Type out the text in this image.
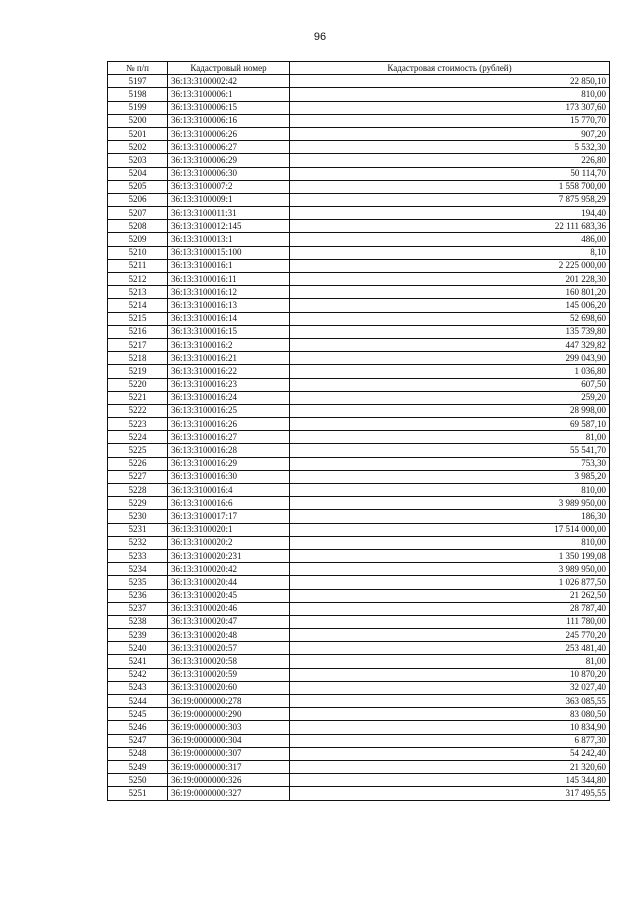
96
№ п/п	Кадастровый номер	Кадастровая стоимость (рублей)
5197	36:13:3100002:42	22 850,10
5198	36:13:3100006:1	810,00
5199	36:13:3100006:15	173 307,60
5200	36:13:3100006:16	15 770,70
5201	36:13:3100006:26	907,20
5202	36:13:3100006:27	5 532,30
5203	36:13:3100006:29	226,80
5204	36:13:3100006:30	50 114,70
5205	36:13:3100007:2	1 558 700,00
5206	36:13:3100009:1	7 875 958,29
5207	36:13:3100011:31	194,40
5208	36:13:3100012:145	22 111 683,36
5209	36:13:3100013:1	486,00
5210	36:13:3100015:100	8,10
5211	36:13:3100016:1	2 225 000,00
5212	36:13:3100016:11	201 228,30
5213	36:13:3100016:12	160 801,20
5214	36:13:3100016:13	145 006,20
5215	36:13:3100016:14	52 698,60
5216	36:13:3100016:15	135 739,80
5217	36:13:3100016:2	447 329,82
5218	36:13:3100016:21	299 043,90
5219	36:13:3100016:22	1 036,80
5220	36:13:3100016:23	607,50
5221	36:13:3100016:24	259,20
5222	36:13:3100016:25	28 998,00
5223	36:13:3100016:26	69 587,10
5224	36:13:3100016:27	81,00
5225	36:13:3100016:28	55 541,70
5226	36:13:3100016:29	753,30
5227	36:13:3100016:30	3 985,20
5228	36:13:3100016:4	810,00
5229	36:13:3100016:6	3 989 950,00
5230	36:13:3100017:17	186,30
5231	36:13:3100020:1	17 514 000,00
5232	36:13:3100020:2	810,00
5233	36:13:3100020:231	1 350 199,08
5234	36:13:3100020:42	3 989 950,00
5235	36:13:3100020:44	1 026 877,50
5236	36:13:3100020:45	21 262,50
5237	36:13:3100020:46	28 787,40
5238	36:13:3100020:47	111 780,00
5239	36:13:3100020:48	245 770,20
5240	36:13:3100020:57	253 481,40
5241	36:13:3100020:58	81,00
5242	36:13:3100020:59	10 870,20
5243	36:13:3100020:60	32 027,40
5244	36:19:0000000:278	363 085,55
5245	36:19:0000000:290	83 080,50
5246	36:19:0000000:303	10 834,90
5247	36:19:0000000:304	6 877,30
5248	36:19:0000000:307	54 242,40
5249	36:19:0000000:317	21 320,60
5250	36:19:0000000:326	145 344,80
5251	36:19:0000000:327	317 495,55
